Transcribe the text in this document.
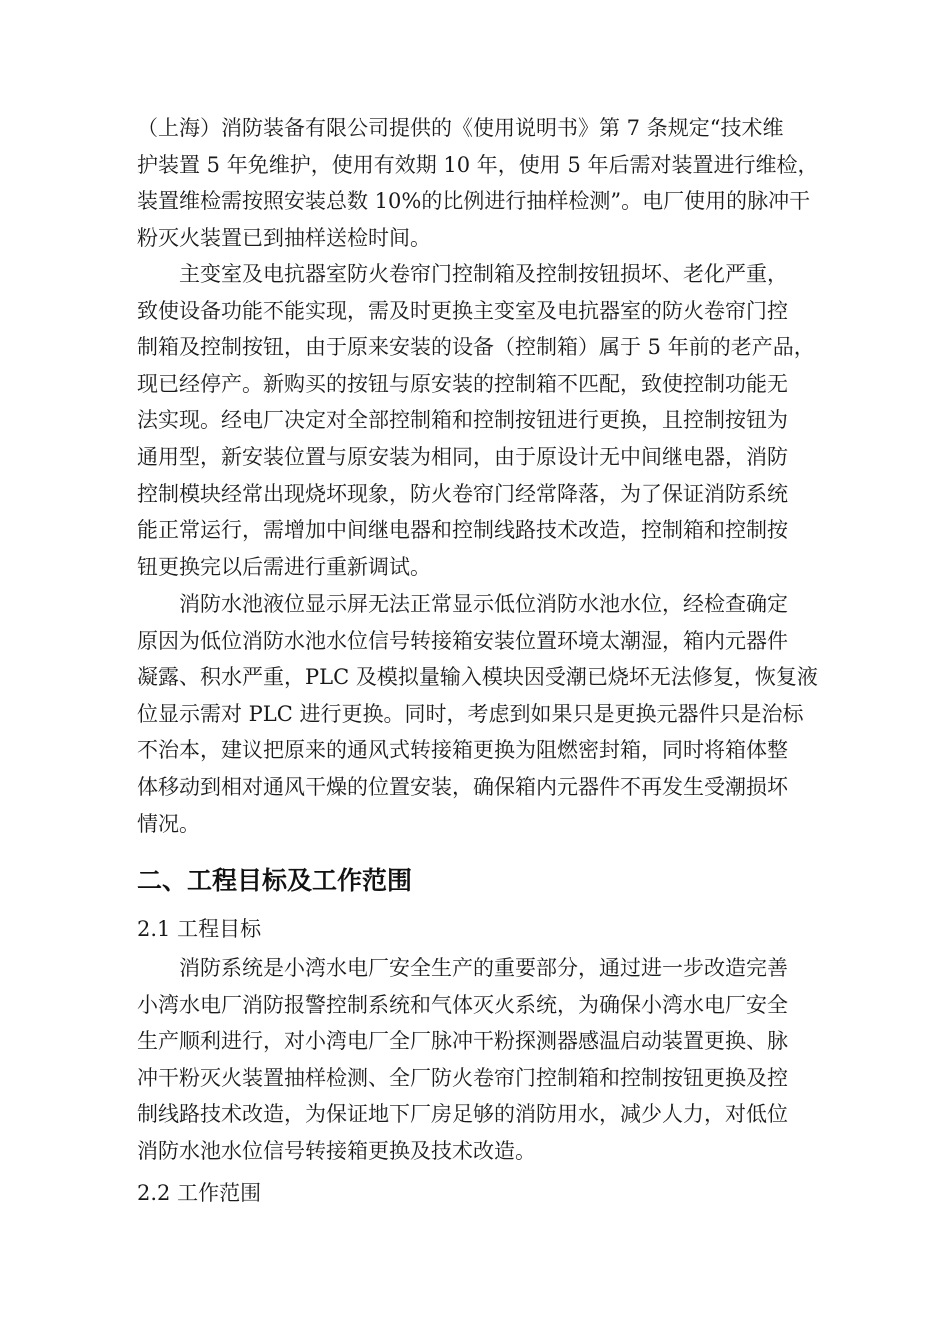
（上海）消防装备有限公司提供的《使用说明书》第 7 条规定“技术维
护装置 5 年免维护，使用有效期 10 年，使用 5 年后需对装置进行维检，
装置维检需按照安装总数 10%的比例进行抽样检测”。电厂使用的脉冲干
粉灭火装置已到抽样送检时间。
主变室及电抗器室防火卷帘门控制箱及控制按钮损坏、老化严重，
致使设备功能不能实现，需及时更换主变室及电抗器室的防火卷帘门控
制箱及控制按钮，由于原来安装的设备（控制箱）属于 5 年前的老产品，
现已经停产。新购买的按钮与原安装的控制箱不匹配，致使控制功能无
法实现。经电厂决定对全部控制箱和控制按钮进行更换，且控制按钮为
通用型，新安装位置与原安装为相同，由于原设计无中间继电器，消防
控制模块经常出现烧坏现象，防火卷帘门经常降落，为了保证消防系统
能正常运行，需增加中间继电器和控制线路技术改造，控制箱和控制按
钮更换完以后需进行重新调试。
消防水池液位显示屏无法正常显示低位消防水池水位，经检查确定
原因为低位消防水池水位信号转接箱安装位置环境太潮湿，箱内元器件
凝露、积水严重，PLC 及模拟量输入模块因受潮已烧坏无法修复，恢复液
位显示需对 PLC 进行更换。同时，考虑到如果只是更换元器件只是治标
不治本，建议把原来的通风式转接箱更换为阻燃密封箱，同时将箱体整
体移动到相对通风干燥的位置安装，确保箱内元器件不再发生受潮损坏
情况。
二、工程目标及工作范围
2.1 工程目标
消防系统是小湾水电厂安全生产的重要部分，通过进一步改造完善
小湾水电厂消防报警控制系统和气体灭火系统，为确保小湾水电厂安全
生产顺利进行，对小湾电厂全厂脉冲干粉探测器感温启动装置更换、脉
冲干粉灭火装置抽样检测、全厂防火卷帘门控制箱和控制按钮更换及控
制线路技术改造，为保证地下厂房足够的消防用水，减少人力，对低位
消防水池水位信号转接箱更换及技术改造。
2.2 工作范围
